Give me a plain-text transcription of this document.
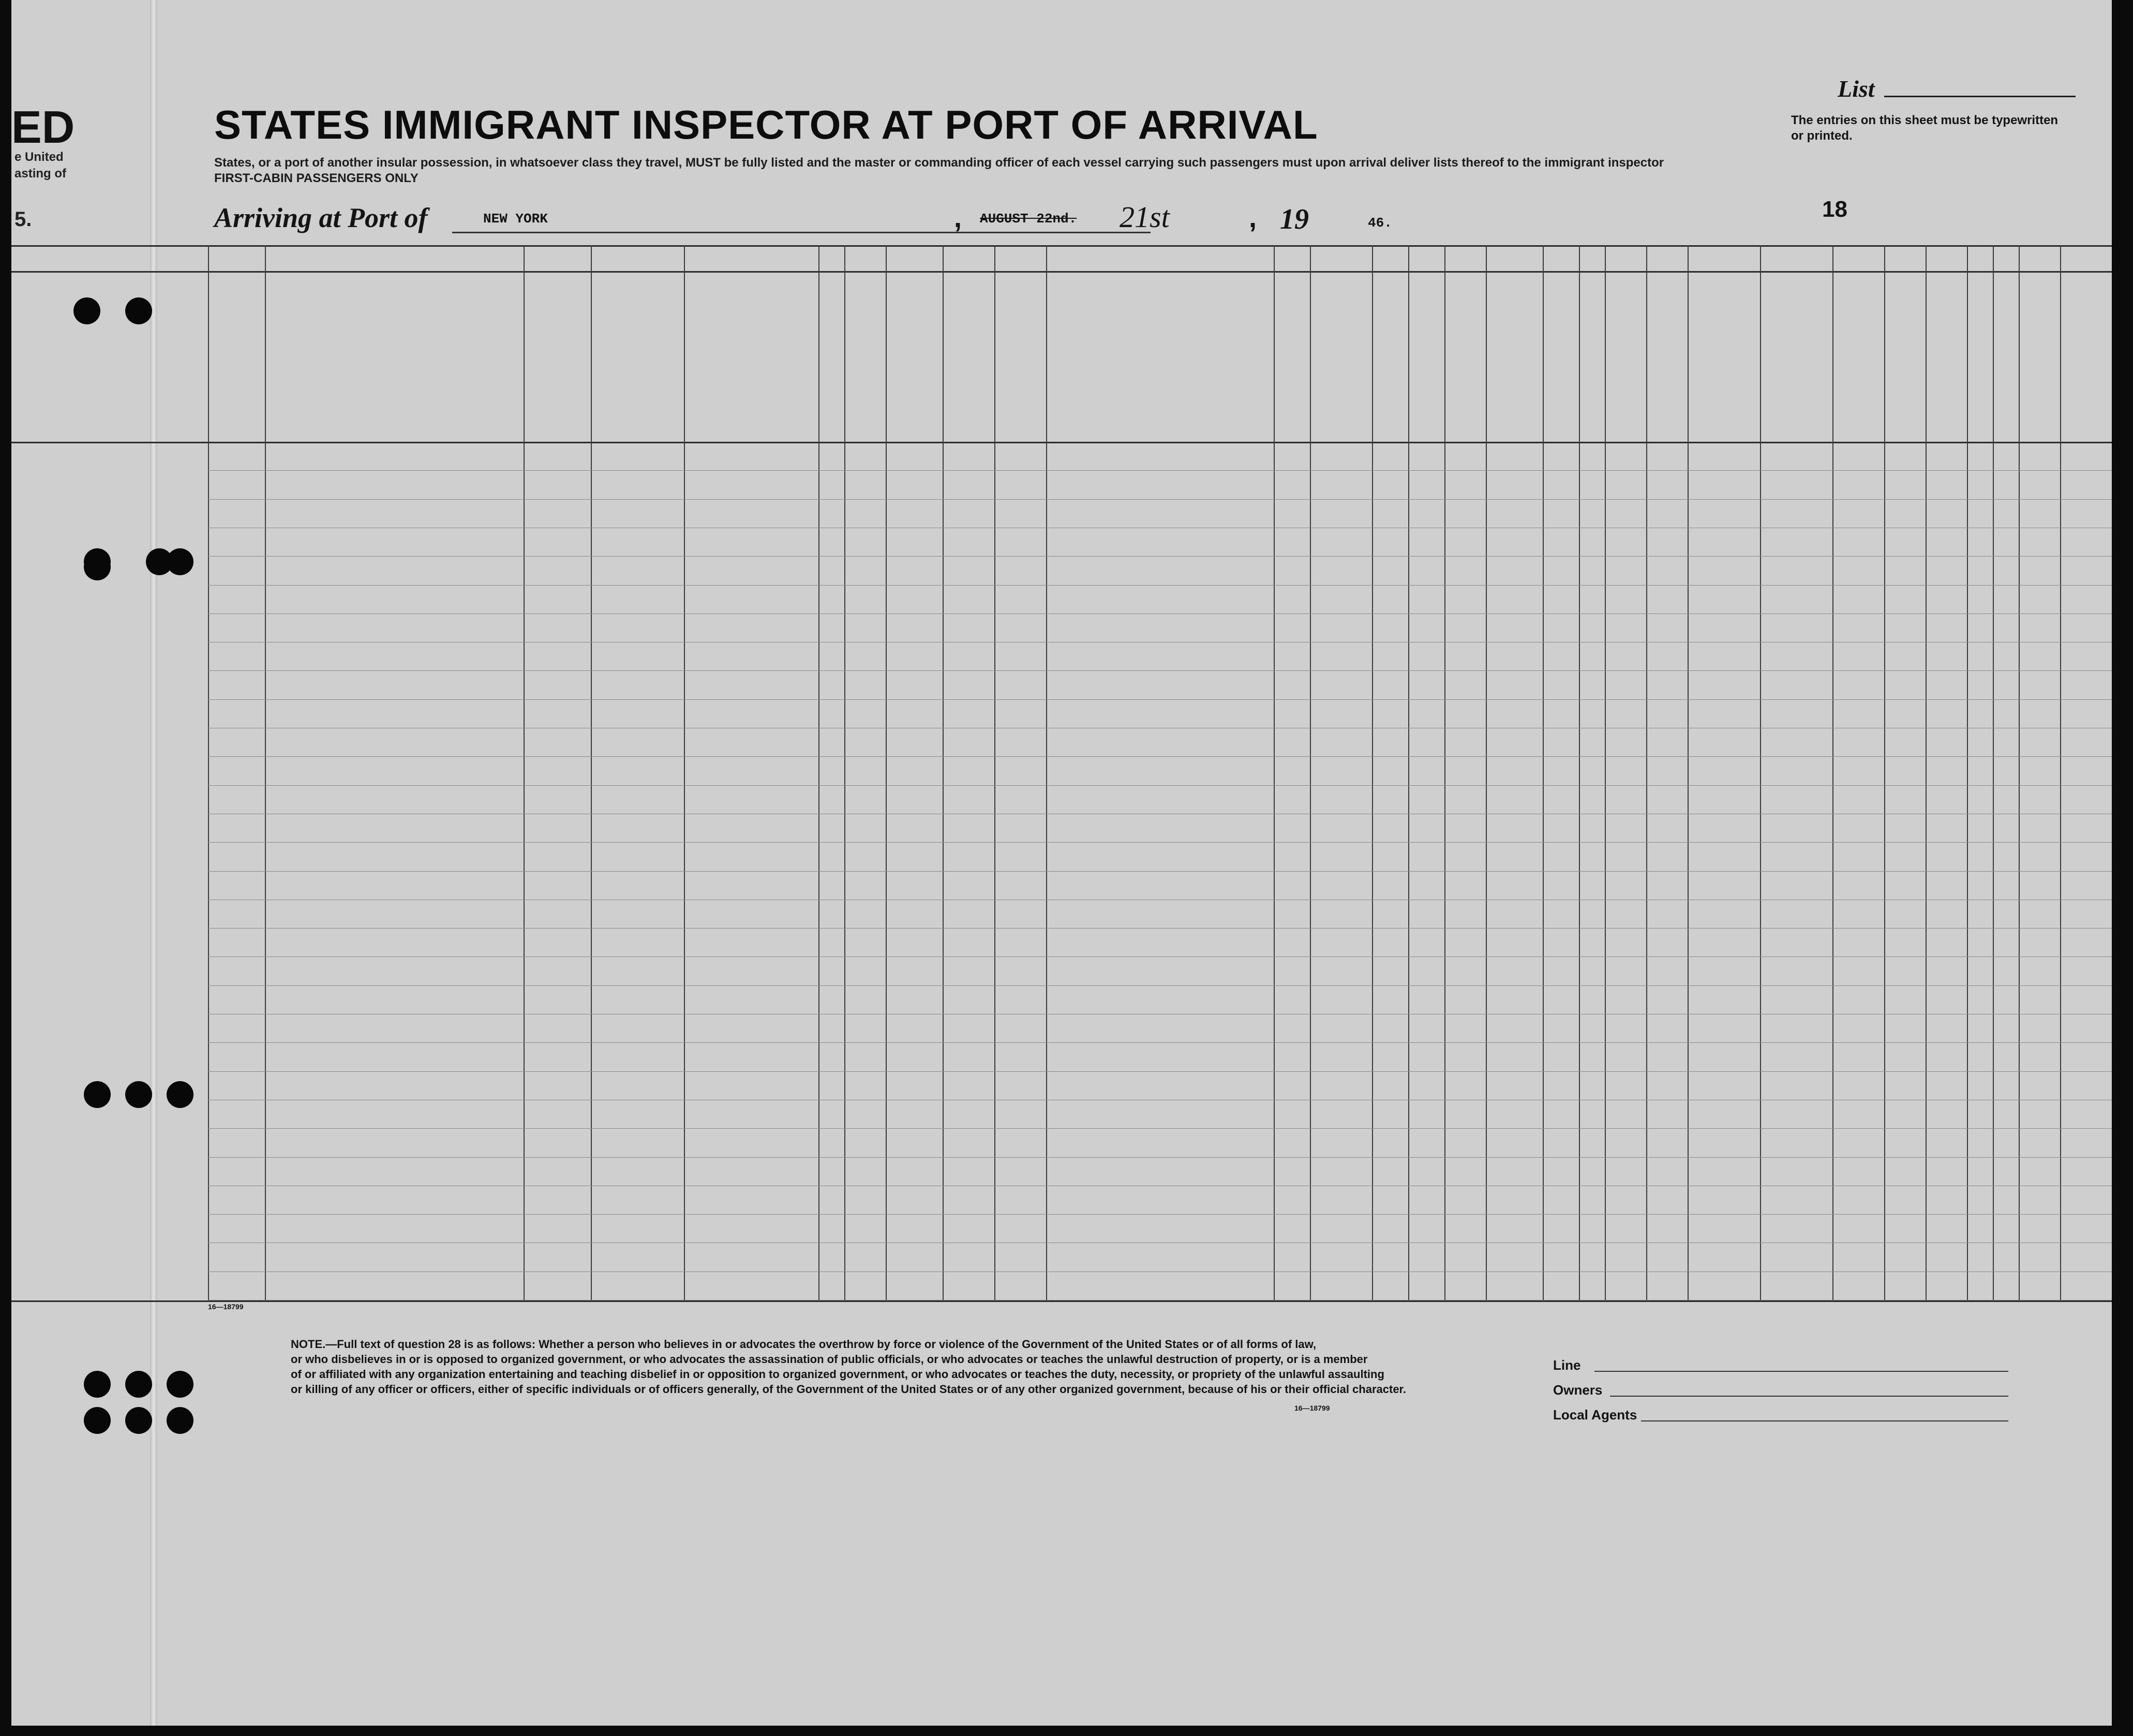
ED
e United
asting of
5.
STATES IMMIGRANT INSPECTOR AT PORT OF ARRIVAL
States, or a port of another insular possession, in whatsoever class they travel, MUST be fully listed and the master or commanding officer of each vessel carrying such passengers must upon arrival deliver lists thereof to the immigrant inspector
FIRST-CABIN PASSENGERS ONLY
Arriving at Port of	NEW YORK	, AUGUST 22nd. 21st	, 19	46.
List
The entries on this sheet must be typewritten or printed.
18
16—18799
NOTE.—Full text of question 28 is as follows: Whether a person who believes in or advocates the overthrow by force or violence of the Government of the United States or of all forms of law,
or who disbelieves in or is opposed to organized government, or who advocates the assassination of public officials, or who advocates or teaches the unlawful destruction of property, or is a member
of or affiliated with any organization entertaining and teaching disbelief in or opposition to organized government, or who advocates or teaches the duty, necessity, or propriety of the unlawful assaulting
or killing of any officer or officers, either of specific individuals or of officers generally, of the Government of the United States or of any other organized government, because of his or their official character.
16—18799
Line
Owners
Local Agents
